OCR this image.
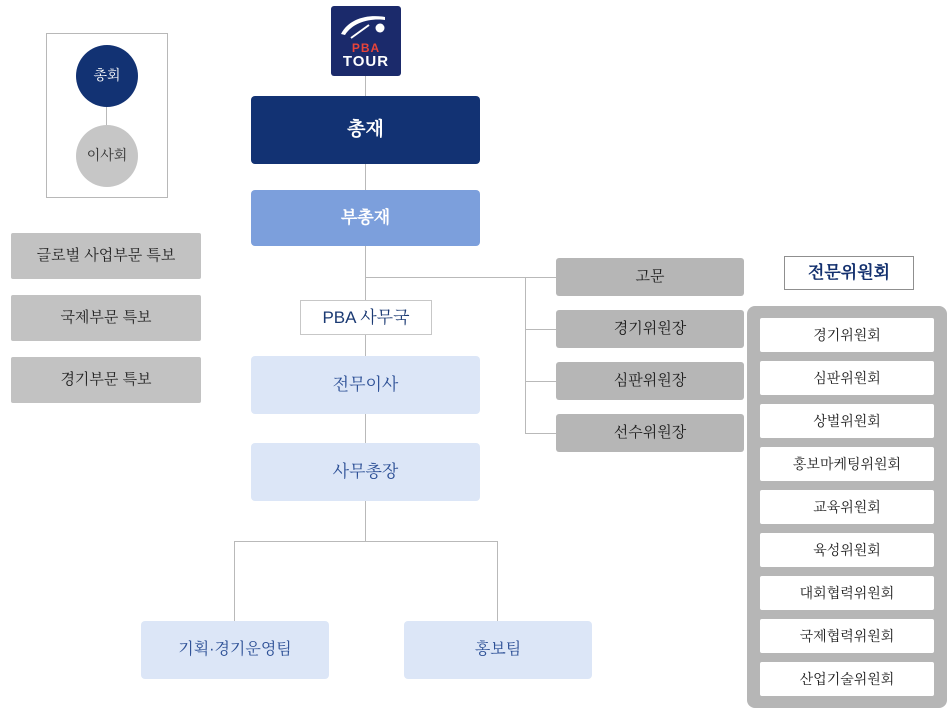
PBA
TOUR
총회
이사회
글로벌 사업부문 특보
국제부문 특보
경기부문 특보
총재
부총재
PBA 사무국
전무이사
사무총장
기획·경기운영팀	홍보팀
고문
경기위원장
심판위원장
선수위원장
전문위원회
경기위원회
심판위원회
상벌위원회
홍보마케팅위원회
교육위원회
육성위원회
대회협력위원회
국제협력위원회
산업기술위원회
